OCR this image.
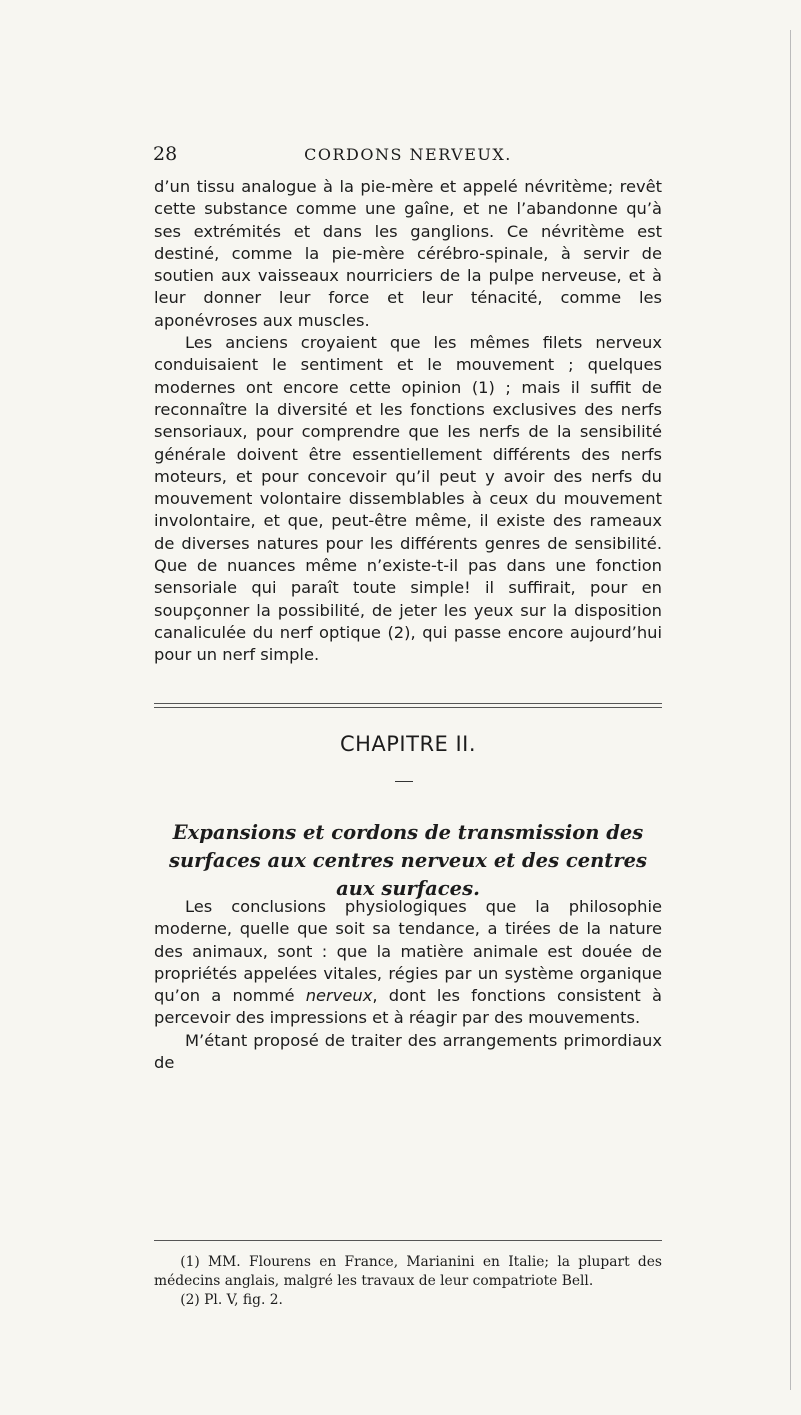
28	CORDONS NERVEUX.

d’un tissu analogue à la pie-mère et appelé névritème; revêt cette substance comme une gaîne, et ne l’abandonne qu’à ses extrémités et dans les ganglions. Ce névritème est destiné, comme la pie-mère cérébro-spinale, à servir de soutien aux vaisseaux nourriciers de la pulpe nerveuse, et à leur donner leur force et leur ténacité, comme les aponévroses aux muscles.

Les anciens croyaient que les mêmes filets nerveux conduisaient le sentiment et le mouvement ; quelques modernes ont encore cette opinion (1) ; mais il suffit de reconnaître la diversité et les fonctions exclusives des nerfs sensoriaux, pour comprendre que les nerfs de la sensibilité générale doivent être essentiellement différents des nerfs moteurs, et pour concevoir qu’il peut y avoir des nerfs du mouvement volontaire dissemblables à ceux du mouvement involontaire, et que, peut-être même, il existe des rameaux de diverses natures pour les différents genres de sensibilité. Que de nuances même n’existe-t-il pas dans une fonction sensoriale qui paraît toute simple! il suffirait, pour en soupçonner la possibilité, de jeter les yeux sur la disposition canaliculée du nerf optique (2), qui passe encore aujourd’hui pour un nerf simple.

CHAPITRE II.
Expansions et cordons de transmission des surfaces aux centres nerveux et des centres aux surfaces.

Les conclusions physiologiques que la philosophie moderne, quelle que soit sa tendance, a tirées de la nature des animaux, sont : que la matière animale est douée de propriétés appelées vitales, régies par un système organique qu’on a nommé nerveux, dont les fonctions consistent à percevoir des impressions et à réagir par des mouvements.

M’étant proposé de traiter des arrangements primordiaux de

(1) MM. Flourens en France, Marianini en Italie; la plupart des médecins anglais, malgré les travaux de leur compatriote Bell.

(2) Pl. V, fig. 2.
